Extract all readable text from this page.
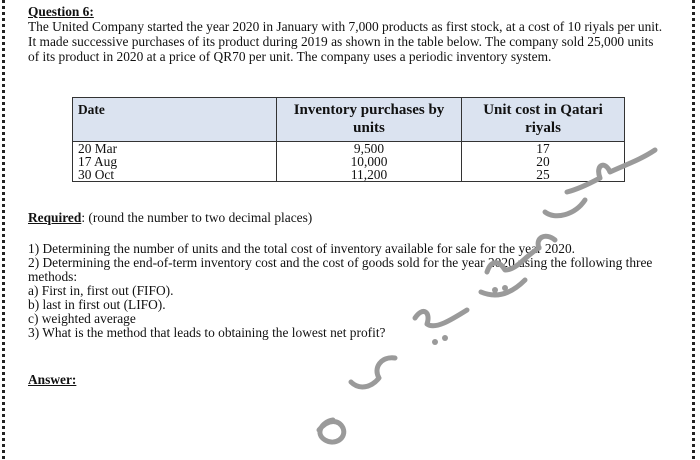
Question 6:

The United Company started the year 2020 in January with 7,000 products as first stock, at a cost of 10 riyals per unit. It made successive purchases of its product during 2019 as shown in the table below. The company sold 25,000 units of its product in 2020 at a price of QR70 per unit. The company uses a periodic inventory system.

Date	Inventory purchases by units	Unit cost in Qatari riyals
20 Mar	9,500	17
17 Aug	10,000	20
30 Oct	11,200	25
Required: (round the number to two decimal places)

1) Determining the number of units and the total cost of inventory available for sale for the year 2020.

2) Determining the end-of-term inventory cost and the cost of goods sold for the year 2020 using the following three methods:

a) First in, first out (FIFO).

b) last in first out (LIFO).

c) weighted average

3) What is the method that leads to obtaining the lowest net profit?

Answer:
